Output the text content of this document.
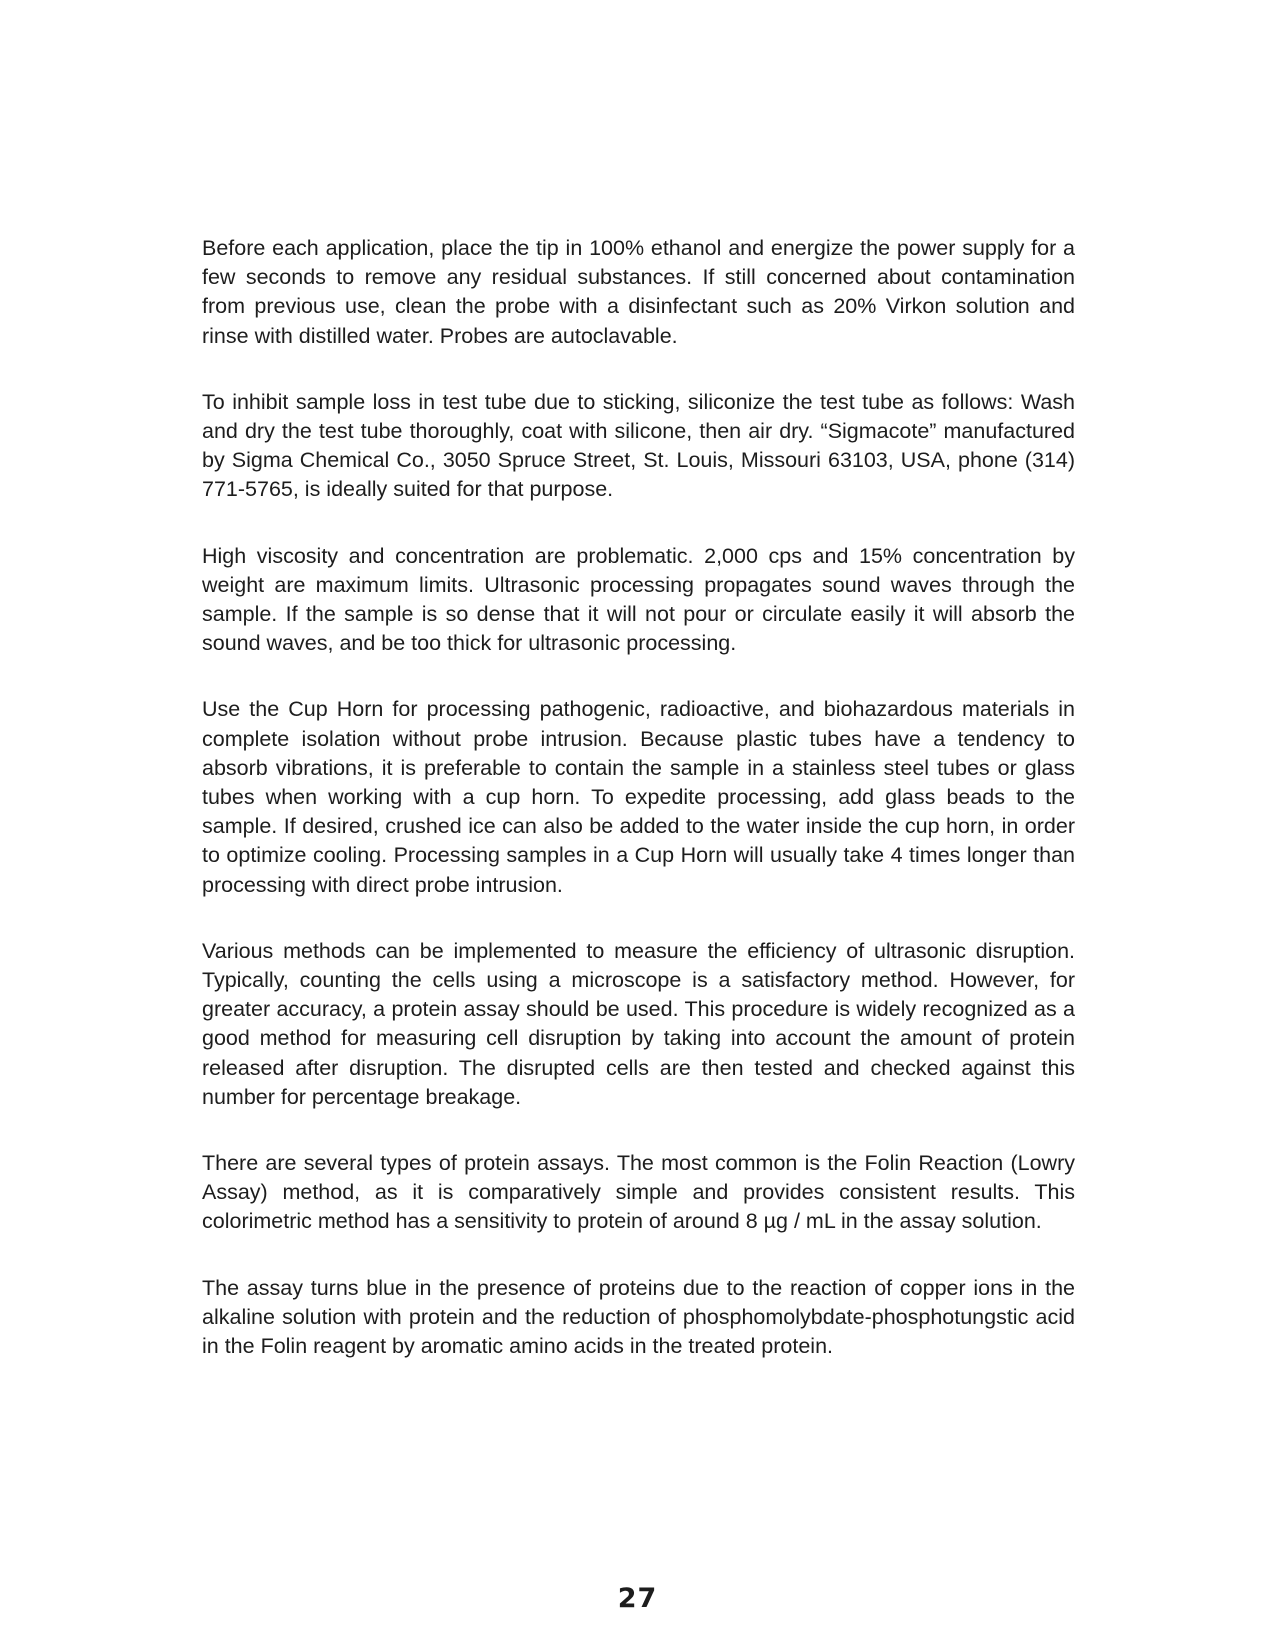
Before each application, place the tip in 100% ethanol and energize the power supply for a few seconds to remove any residual substances. If still concerned about contamination from previous use, clean the probe with a disinfectant such as 20% Virkon solution and rinse with distilled water. Probes are autoclavable.

To inhibit sample loss in test tube due to sticking, siliconize the test tube as follows: Wash and dry the test tube thoroughly, coat with silicone, then air dry. “Sigmacote” manufactured by Sigma Chemical Co., 3050 Spruce Street, St. Louis, Missouri 63103, USA, phone (314) 771-5765, is ideally suited for that purpose.

High viscosity and concentration are problematic. 2,000 cps and 15% concentration by weight are maximum limits. Ultrasonic processing propagates sound waves through the sample. If the sample is so dense that it will not pour or circulate easily it will absorb the sound waves, and be too thick for ultrasonic processing.

Use the Cup Horn for processing pathogenic, radioactive, and biohazardous materials in complete isolation without probe intrusion. Because plastic tubes have a tendency to absorb vibrations, it is preferable to contain the sample in a stainless steel tubes or glass tubes when working with a cup horn. To expedite processing, add glass beads to the sample. If desired, crushed ice can also be added to the water inside the cup horn, in order to optimize cooling. Processing samples in a Cup Horn will usually take 4 times longer than processing with direct probe intrusion.

Various methods can be implemented to measure the efficiency of ultrasonic disruption. Typically, counting the cells using a microscope is a satisfactory method. However, for greater accuracy, a protein assay should be used. This procedure is widely recognized as a good method for measuring cell disruption by taking into account the amount of protein released after disruption. The disrupted cells are then tested and checked against this number for percentage breakage.

There are several types of protein assays. The most common is the Folin Reaction (Lowry Assay) method, as it is comparatively simple and provides consistent results. This colorimetric method has a sensitivity to protein of around 8 µg / mL in the assay solution.

The assay turns blue in the presence of proteins due to the reaction of copper ions in the alkaline solution with protein and the reduction of phosphomolybdate-phosphotungstic acid in the Folin reagent by aromatic amino acids in the treated protein.

27
